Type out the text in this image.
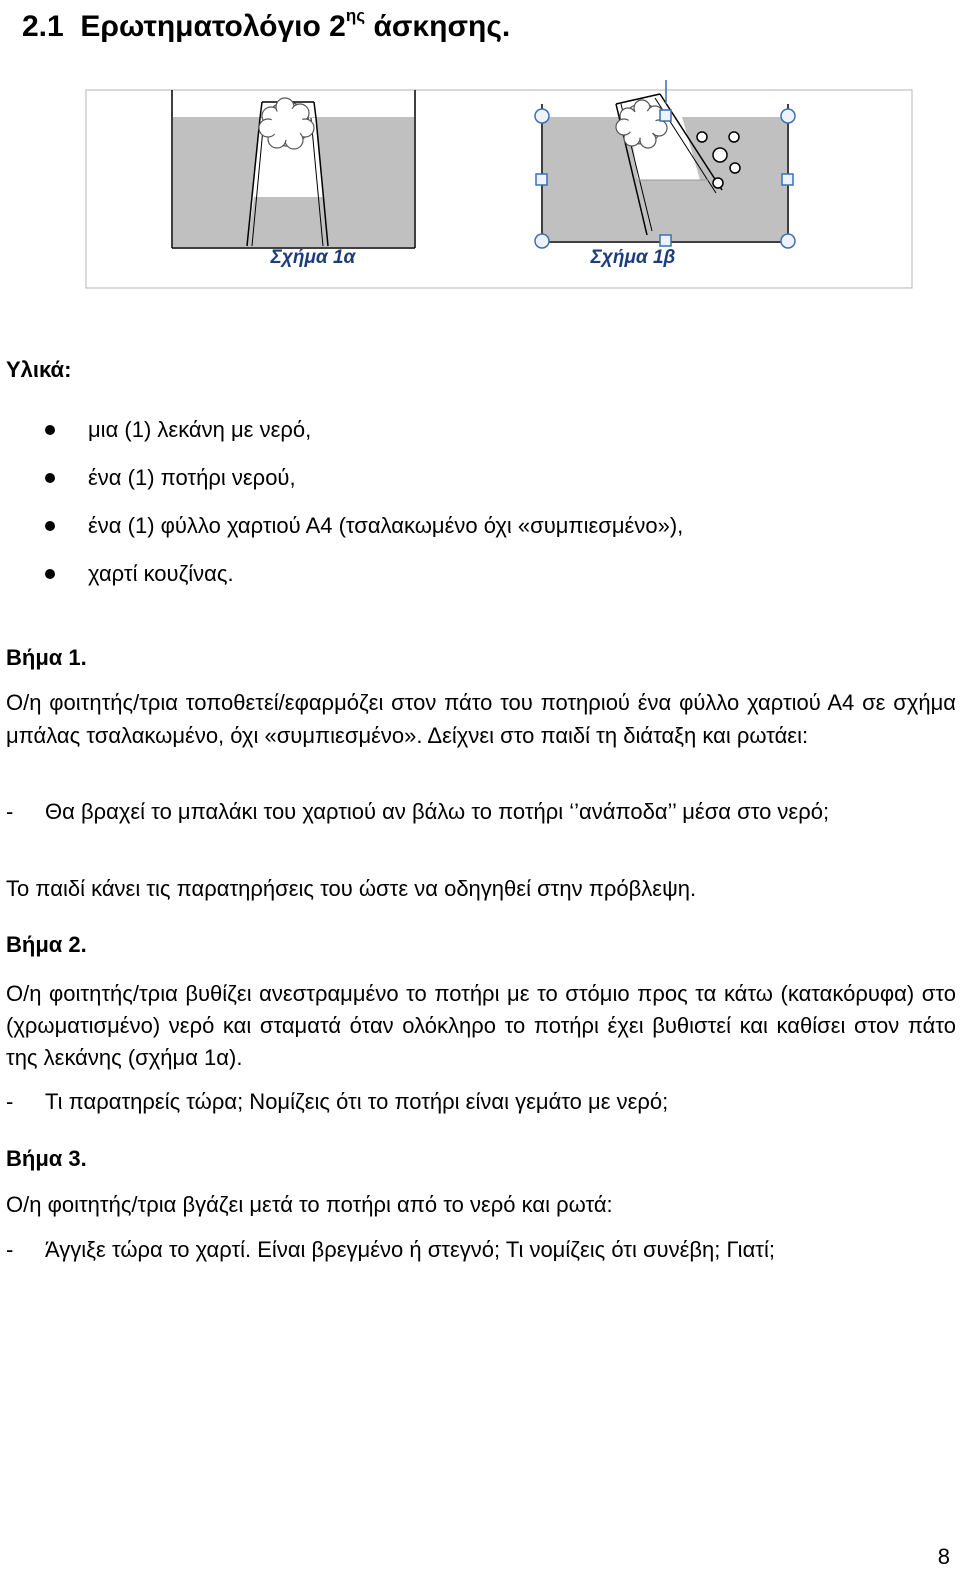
2.1 Ερωτηματολόγιο $2^{\eta\varsigma}$ άσκησης.
Σχήμα 1α	Σχήμα 1β
Υλικά:
μια (1) λεκάνη με νερό,
ένα (1) ποτήρι νερού,
ένα (1) φύλλο χαρτιού Α4 (τσαλακωμένο όχι «συμπιεσμένο»),
χαρτί κουζίνας.
Βήμα 1.
Ο/η φοιτητής/τρια τοποθετεί/εφαρμόζει στον πάτο του ποτηριού ένα φύλλο χαρτιού Α4 σε σχήμα μπάλας τσαλακωμένο, όχι «συμπιεσμένο». Δείχνει στο παιδί τη διάταξη και ρωτάει:
- Θα βραχεί το μπαλάκι του χαρτιού αν βάλω το ποτήρι ‘’ανάποδα’’ μέσα στο νερό;
Το παιδί κάνει τις παρατηρήσεις του ώστε να οδηγηθεί στην πρόβλεψη.
Βήμα 2.
Ο/η φοιτητής/τρια βυθίζει ανεστραμμένο το ποτήρι με το στόμιο προς τα κάτω (κατακόρυφα) στο (χρωματισμένο) νερό και σταματά όταν ολόκληρο το ποτήρι έχει βυθιστεί και καθίσει στον πάτο της λεκάνης (σχήμα 1α).
- Τι παρατηρείς τώρα; Νομίζεις ότι το ποτήρι είναι γεμάτο με νερό;
Βήμα 3.
Ο/η φοιτητής/τρια βγάζει μετά το ποτήρι από το νερό και ρωτά:
- Άγγιξε τώρα το χαρτί. Είναι βρεγμένο ή στεγνό; Τι νομίζεις ότι συνέβη; Γιατί;
8
